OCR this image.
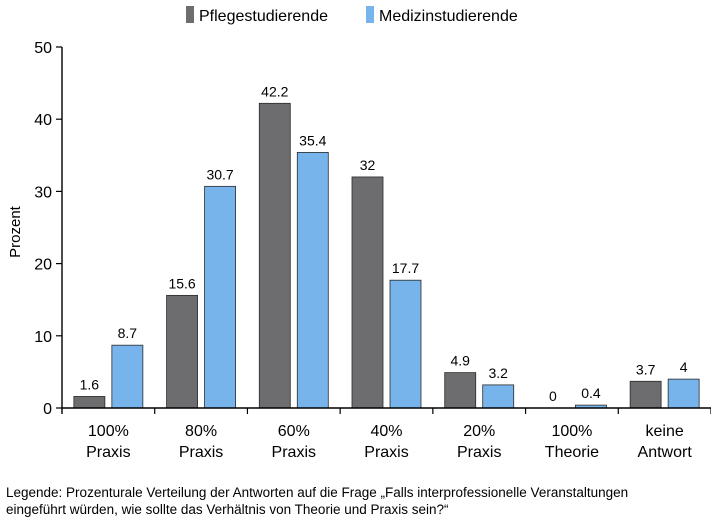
Pflegestudierende	Medizinstudierende
Prozent
0
10
20
30
40
50
1.6
8.7
15.6
30.7
42.2
35.4
32
17.7
4.9
3.2
0 0.4
3.7 4
100%
Praxis
80%
Praxis
60%
Praxis
40%
Praxis
20%
Praxis
100%
Theorie
keine
Antwort
Legende: Prozenturale Verteilung der Antworten auf die Frage „Falls interprofessionelle Veranstaltungen
eingeführt würden, wie sollte das Verhältnis von Theorie und Praxis sein?“
